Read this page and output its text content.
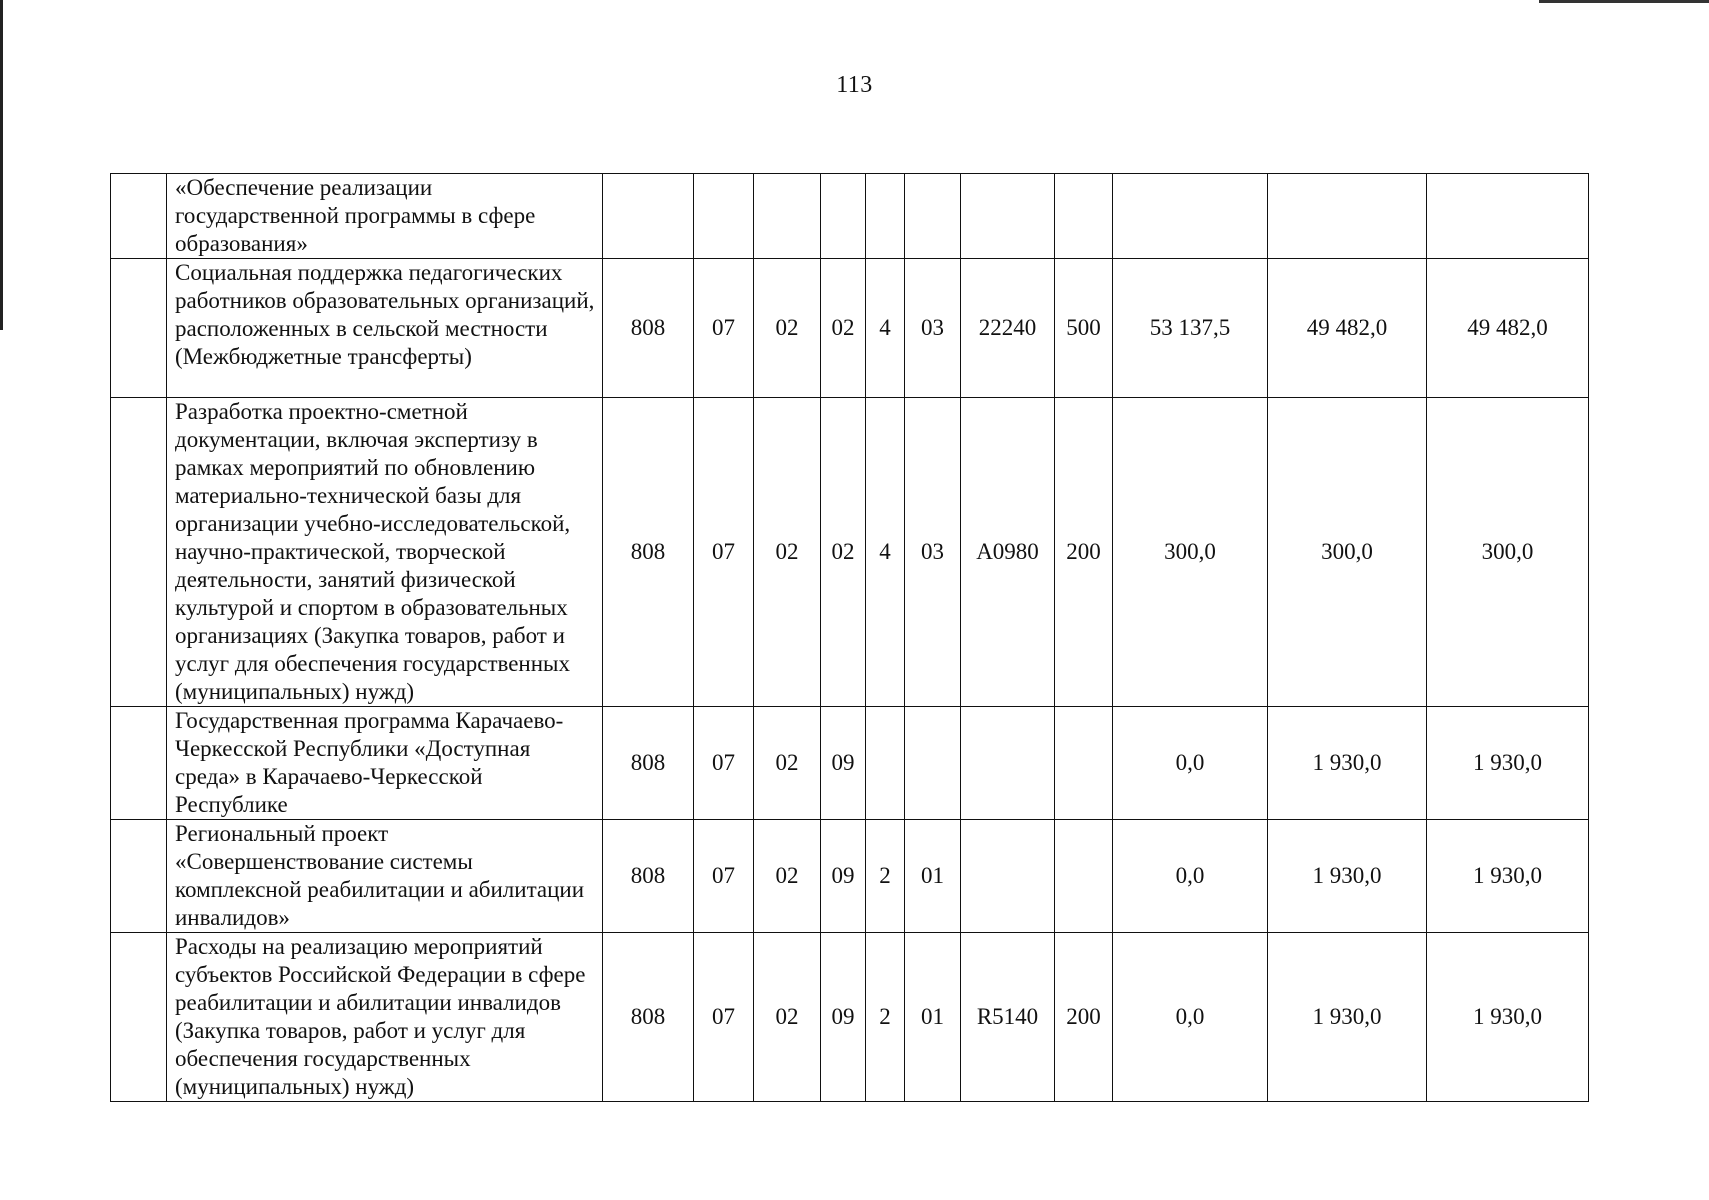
113
	«Обеспечение реализации государственной программы в сфере образования»											
	Социальная поддержка педагогических работников образовательных организаций, расположенных в сельской местности (Межбюджетные трансферты)	808	07	02	02	4	03	22240	500	53 137,5	49 482,0	49 482,0
	Разработка проектно-сметной документации, включая экспертизу в рамках мероприятий по обновлению материально-технической базы для организации учебно-исследовательской, научно-практической, творческой деятельности, занятий физической культурой и спортом в образовательных организациях (Закупка товаров, работ и услуг для обеспечения государственных (муниципальных) нужд)	808	07	02	02	4	03	А0980	200	300,0	300,0	300,0
	Государственная программа Карачаево-Черкесской Республики «Доступная среда» в Карачаево-Черкесской Республике	808	07	02	09					0,0	1 930,0	1 930,0
	Региональный проект «Совершенствование системы комплексной реабилитации и абилитации инвалидов»	808	07	02	09	2	01			0,0	1 930,0	1 930,0
	Расходы на реализацию мероприятий субъектов Российской Федерации в сфере реабилитации и абилитации инвалидов (Закупка товаров, работ и услуг для обеспечения государственных (муниципальных) нужд)	808	07	02	09	2	01	R5140	200	0,0	1 930,0	1 930,0
